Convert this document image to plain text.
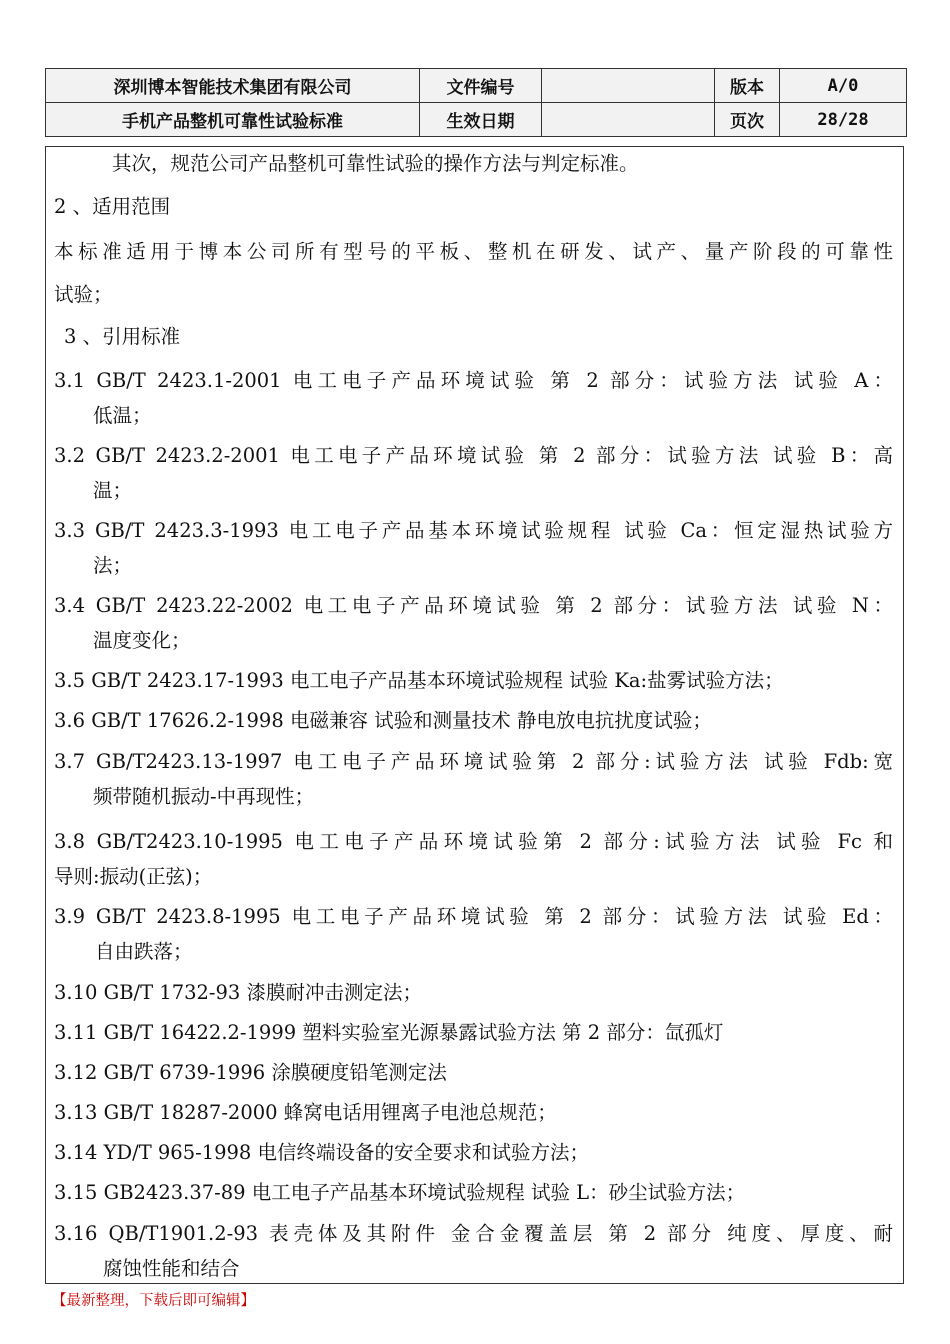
深圳博本智能技术集团有限公司	文件编号		版本	A/0
手机产品整机可靠性试验标准	生效日期		页次	28/28
其次，规范公司产品整机可靠性试验的操作方法与判定标准。
2 、适用范围
本标准适用于博本公司所有型号的平板、整机在研发、试产、量产阶段的可靠性
试验；
3 、引用标准
3.1 GB/T 2423.1-2001 电工电子产品环境试验 第 2 部分：试验方法 试验 A：
低温；
3.2 GB/T 2423.2-2001 电工电子产品环境试验 第 2 部分：试验方法 试验 B：高
温；
3.3 GB/T 2423.3-1993 电工电子产品基本环境试验规程 试验 Ca：恒定湿热试验方
法；
3.4 GB/T 2423.22-2002 电工电子产品环境试验 第 2 部分：试验方法 试验 N：
温度变化；
3.5 GB/T 2423.17-1993 电工电子产品基本环境试验规程 试验 Ka:盐雾试验方法；
3.6 GB/T 17626.2-1998 电磁兼容 试验和测量技术 静电放电抗扰度试验；
3.7 GB/T2423.13-1997 电工电子产品环境试验第 2 部分:试验方法 试验 Fdb:宽
频带随机振动-中再现性；
3.8 GB/T2423.10-1995 电工电子产品环境试验第 2 部分:试验方法 试验 Fc 和
导则:振动(正弦)；
3.9 GB/T 2423.8-1995 电工电子产品环境试验 第 2 部分：试验方法 试验 Ed：
自由跌落；
3.10 GB/T 1732-93 漆膜耐冲击测定法；
3.11 GB/T 16422.2-1999 塑料实验室光源暴露试验方法 第 2 部分：氙孤灯
3.12 GB/T 6739-1996 涂膜硬度铅笔测定法
3.13 GB/T 18287-2000 蜂窝电话用锂离子电池总规范；
3.14 YD/T 965-1998 电信终端设备的安全要求和试验方法；
3.15 GB2423.37-89 电工电子产品基本环境试验规程 试验 L：砂尘试验方法；
3.16 QB/T1901.2-93 表壳体及其附件 金合金覆盖层 第 2 部分 纯度、厚度、耐
腐蚀性能和结合
【最新整理，下载后即可编辑】
